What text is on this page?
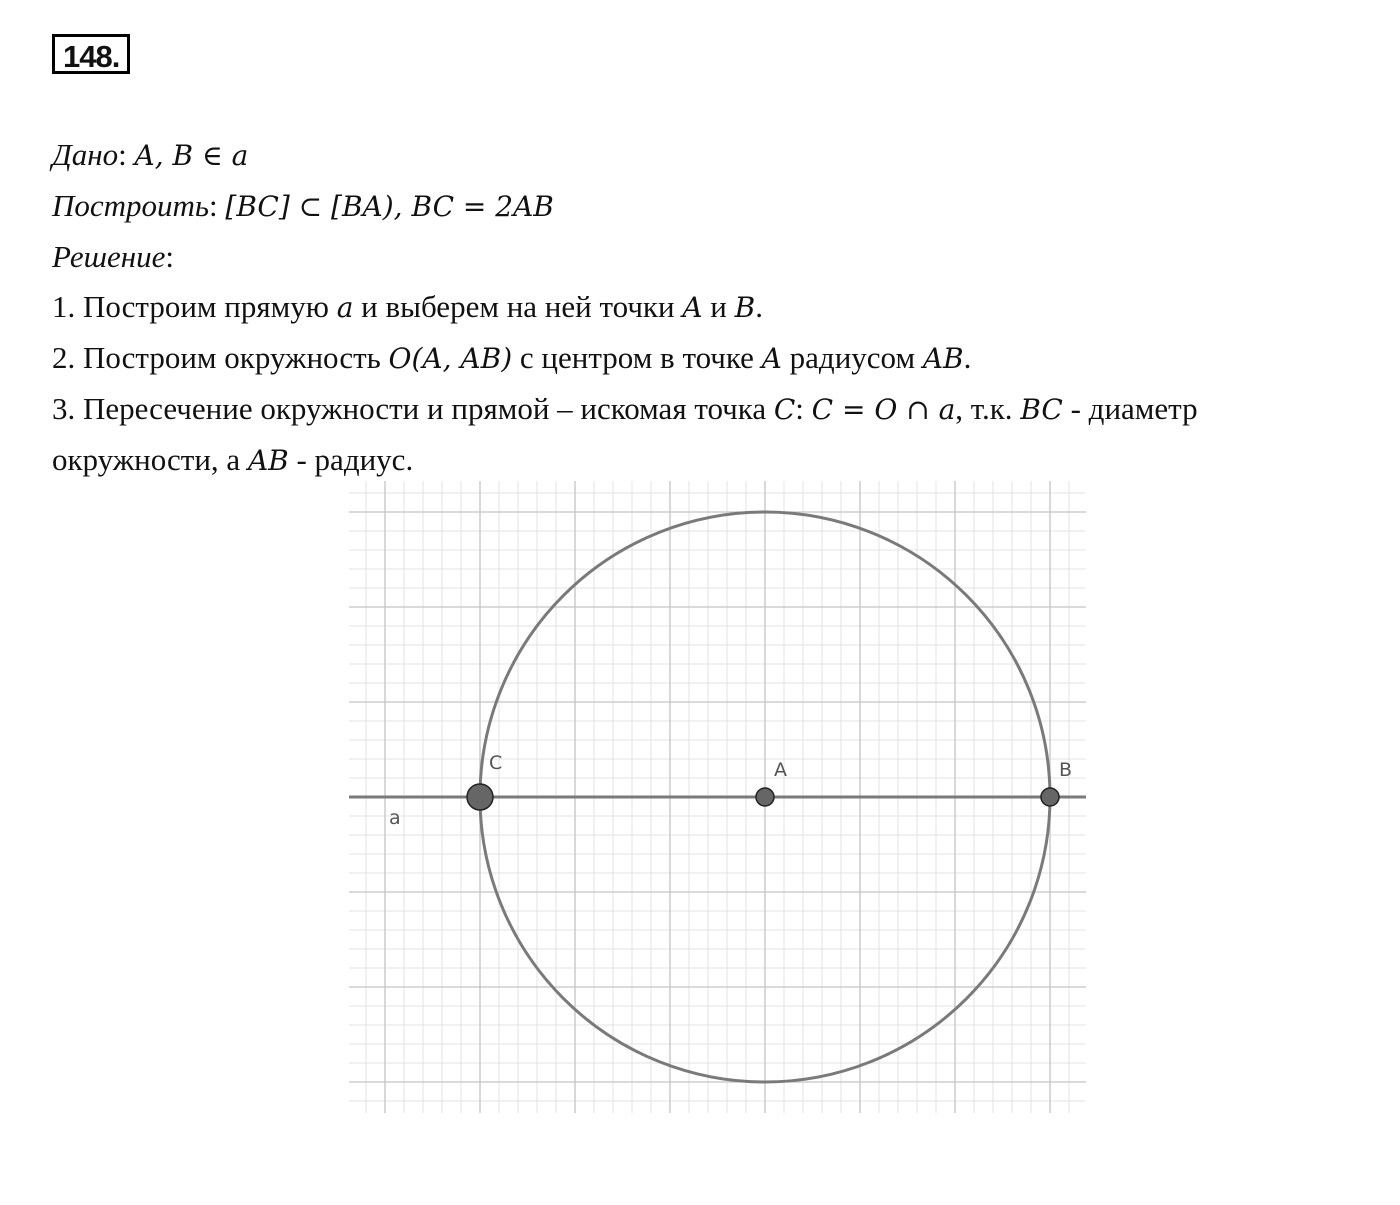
148.
Дано: A, B ∈ a
Построить: [BC] ⊂ [BA), BC = 2AB
Решение:
1. Построим прямую a и выберем на ней точки A и B.
2. Построим окружность O(A, AB) с центром в точке A радиусом AB.
3. Пересечение окружности и прямой – искомая точка C: C = O ∩ a, т.к. BC - диаметр
окружности, а AB - радиус.
C	A	B
a
